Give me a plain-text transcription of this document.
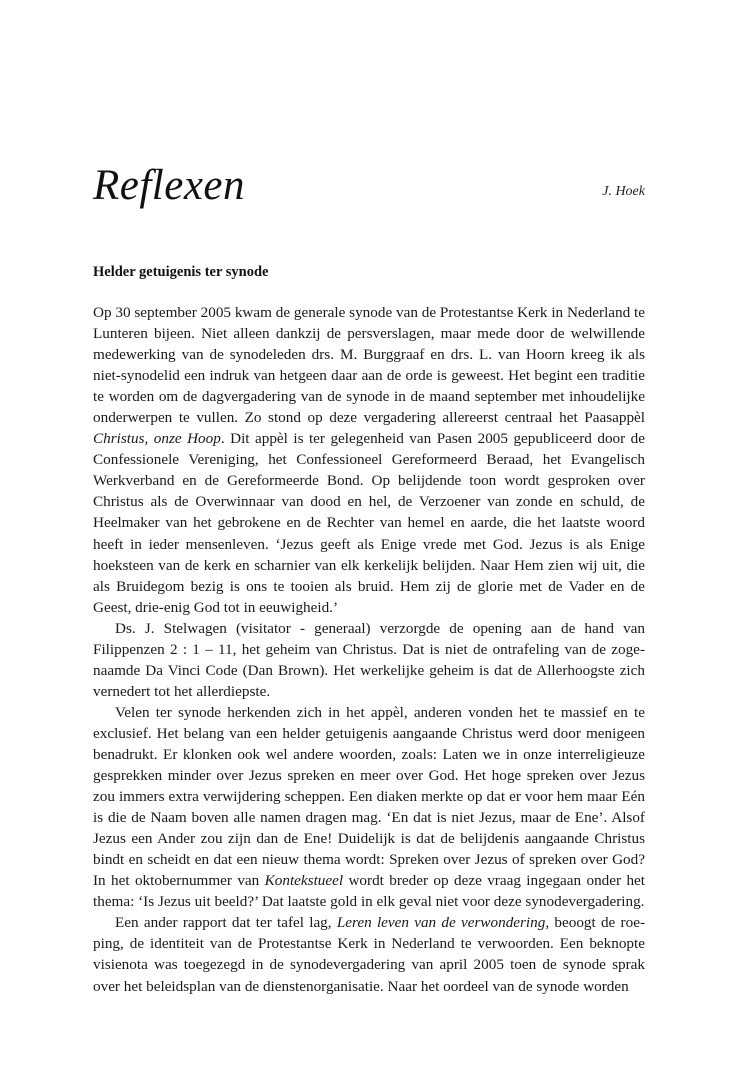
Reflexen	J. Hoek
Helder getuigenis ter synode

Op 30 september 2005 kwam de generale synode van de Protestantse Kerk in Nederland te Lunteren bijeen. Niet alleen dankzij de persverslagen, maar mede door de welwillende medewerking van de synodeleden drs. M. Burggraaf en drs. L. van Hoorn kreeg ik als niet-synodelid een indruk van hetgeen daar aan de orde is geweest. Het begint een traditie te worden om de dagvergadering van de synode in de maand september met inhoudelijke onderwerpen te vullen. Zo stond op deze vergadering allereerst centraal het Paasappèl Christus, onze Hoop. Dit appèl is ter gelegenheid van Pasen 2005 gepubliceerd door de Confessionele Vereniging, het Confessioneel Gereformeerd Beraad, het Evangelisch Werkverband en de Gereformeerde Bond. Op belijdende toon wordt gesproken over Christus als de Overwinnaar van dood en hel, de Verzoener van zonde en schuld, de Heelmaker van het gebrokene en de Rechter van hemel en aarde, die het laatste woord heeft in ieder mensenleven. ‘Jezus geeft als Enige vrede met God. Jezus is als Enige hoeksteen van de kerk en scharnier van elk kerkelijk belijden. Naar Hem zien wij uit, die als Bruidegom bezig is ons te tooien als bruid. Hem zij de glorie met de Vader en de Geest, drie-enig God tot in eeuwigheid.’

Ds. J. Stelwagen (visitator - generaal) verzorgde de opening aan de hand van Filippenzen 2 : 1 – 11, het geheim van Christus. Dat is niet de ontrafeling van de zogenaamde Da Vinci Code (Dan Brown). Het werkelijke geheim is dat de Allerhoogste zich vernedert tot het allerdiepste.

Velen ter synode herkenden zich in het appèl, anderen vonden het te massief en te exclusief. Het belang van een helder getuigenis aangaande Christus werd door menigeen benadrukt. Er klonken ook wel andere woorden, zoals: Laten we in onze interreligieuze gesprekken minder over Jezus spreken en meer over God. Het hoge spreken over Jezus zou immers extra verwijdering scheppen. Een diaken merkte op dat er voor hem maar Eén is die de Naam boven alle namen dragen mag. ‘En dat is niet Jezus, maar de Ene’. Alsof Jezus een Ander zou zijn dan de Ene! Duidelijk is dat de belijdenis aangaande Christus bindt en scheidt en dat een nieuw thema wordt: Spreken over Jezus of spreken over God? In het oktobernummer van Kontekstueel wordt breder op deze vraag ingegaan onder het thema: ‘Is Jezus uit beeld?’ Dat laatste gold in elk geval niet voor deze synodevergadering.

Een ander rapport dat ter tafel lag, Leren leven van de verwondering, beoogt de roeping, de identiteit van de Protestantse Kerk in Nederland te verwoorden. Een beknopte visienota was toegezegd in de synodevergadering van april 2005 toen de synode sprak over het beleidsplan van de dienstenorganisatie. Naar het oordeel van de synode worden
